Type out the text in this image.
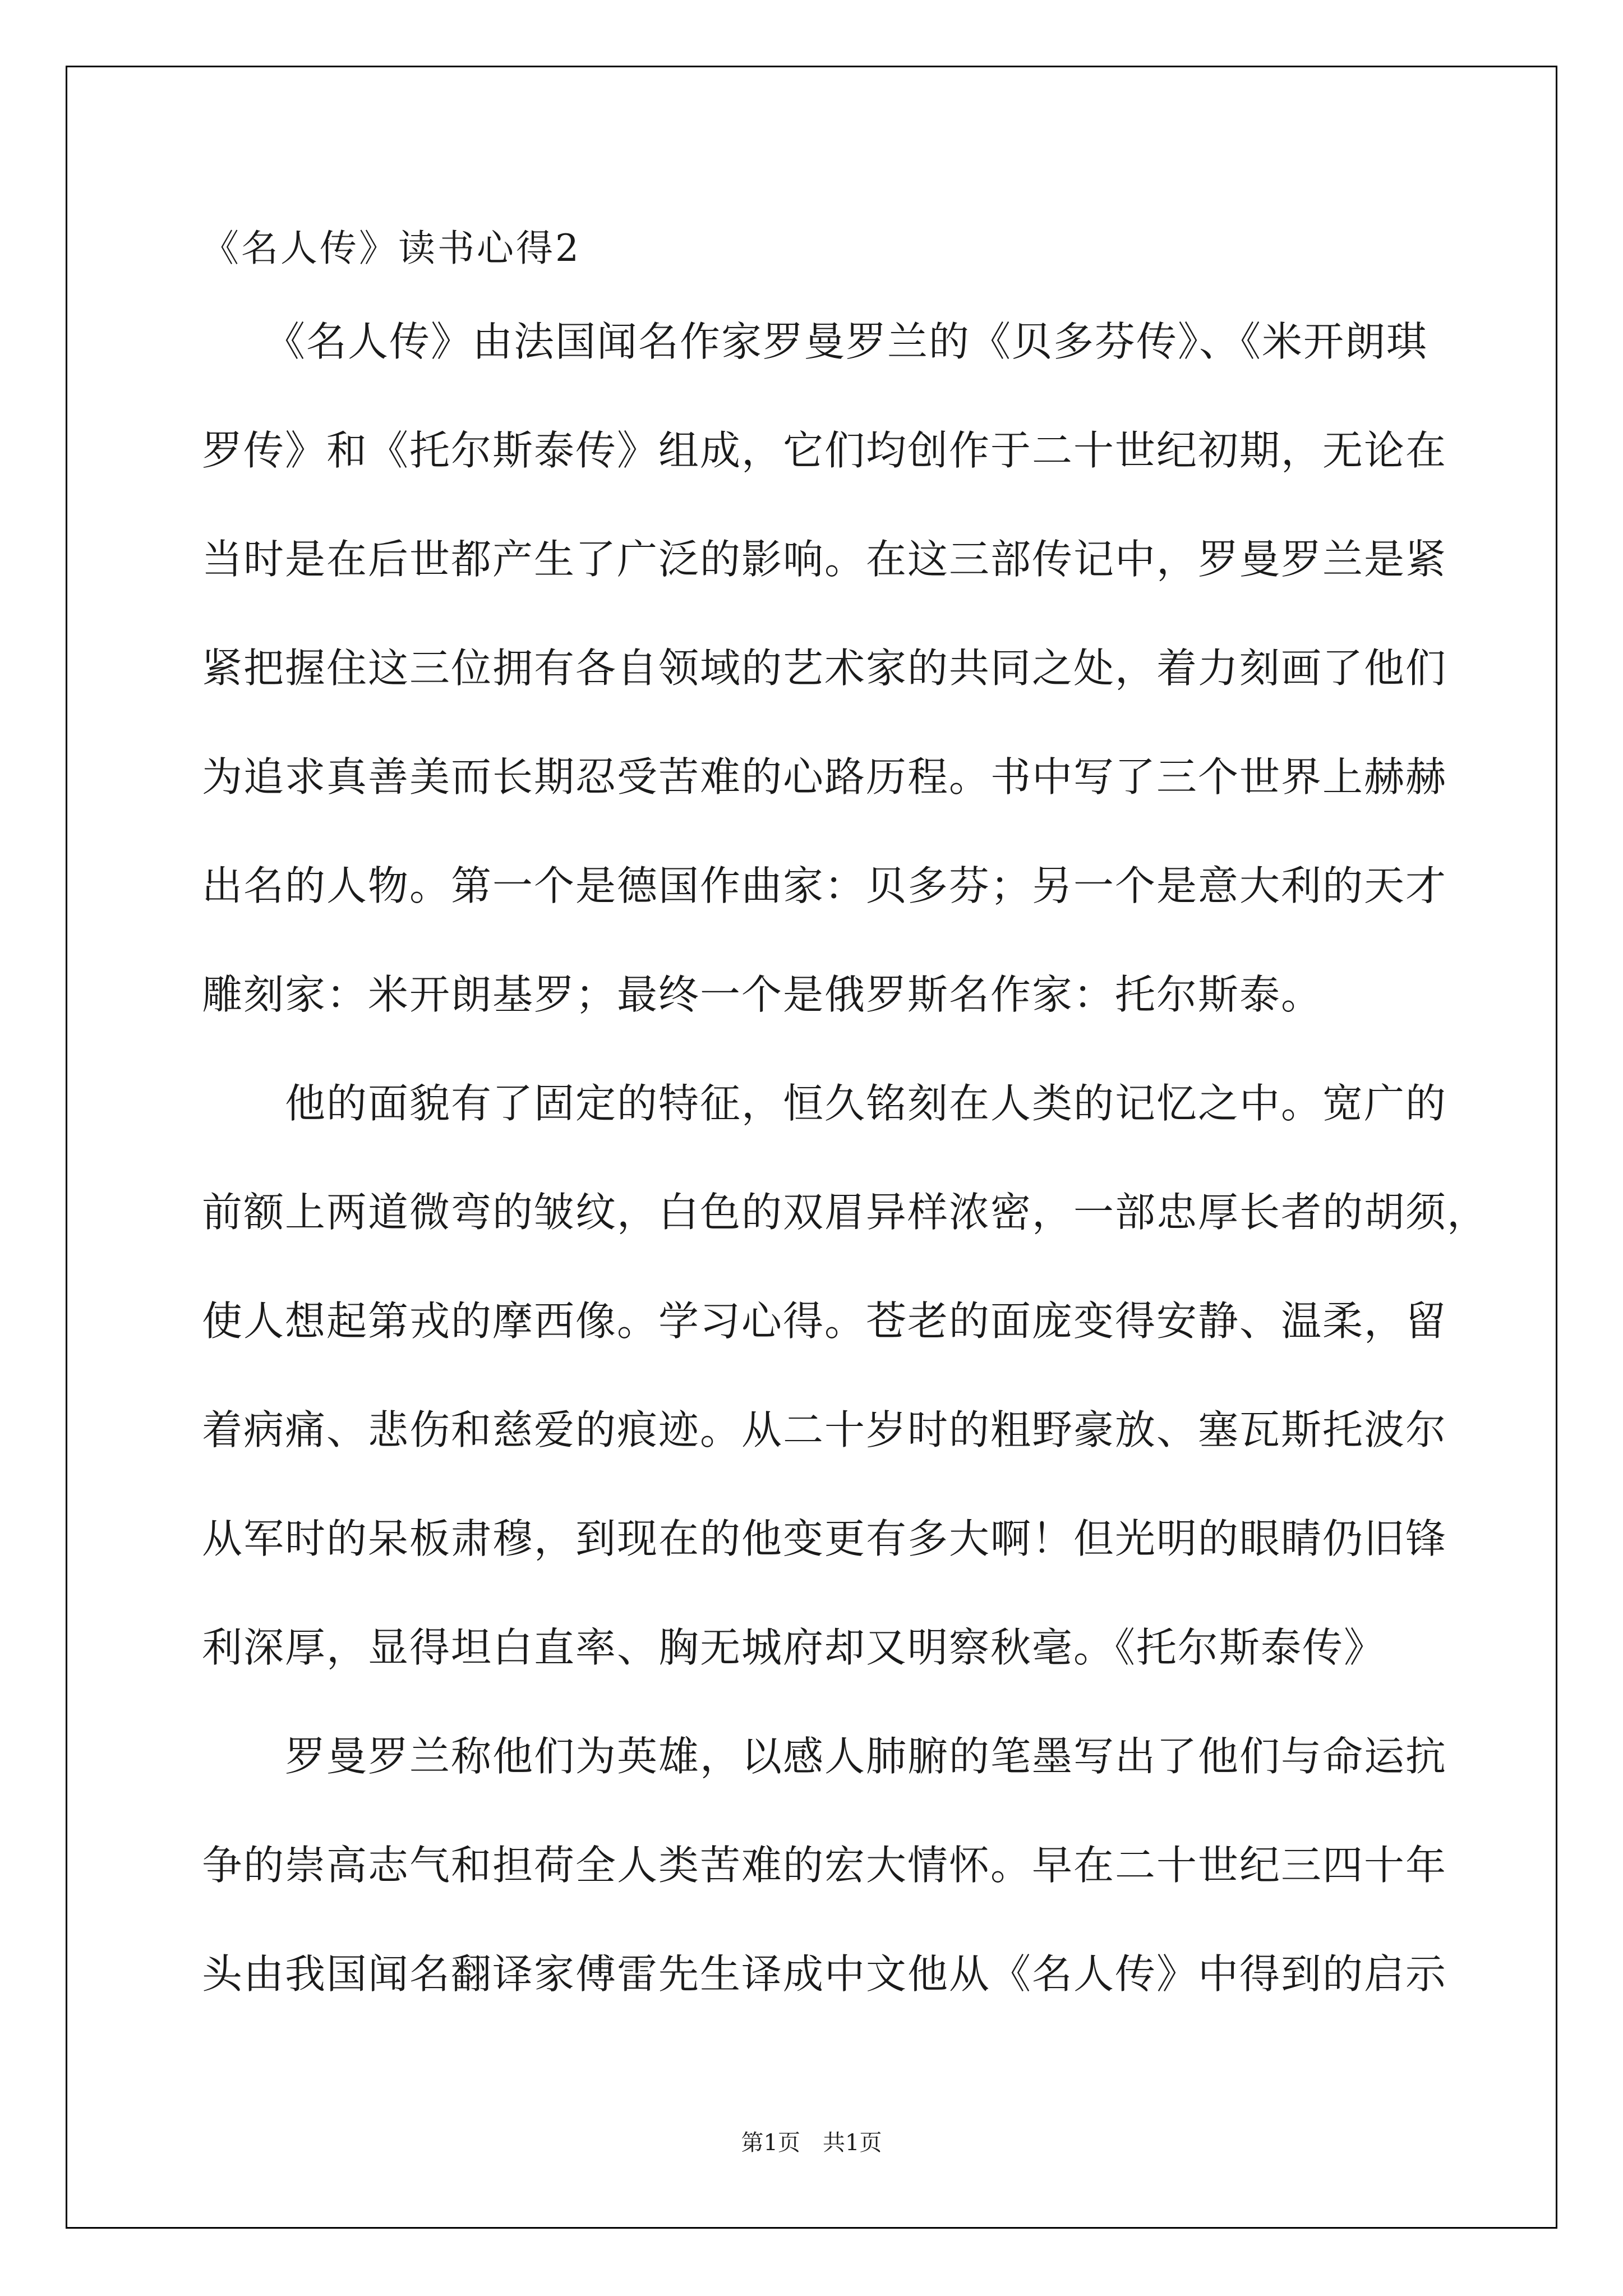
《名人传》读书心得2
　　《名人传》由法国闻名作家罗曼罗兰的《贝多芬传》、《米开朗琪
罗传》和《托尔斯泰传》组成，它们均创作于二十世纪初期，无论在
当时是在后世都产生了广泛的影响。在这三部传记中，罗曼罗兰是紧
紧把握住这三位拥有各自领域的艺术家的共同之处，着力刻画了他们
为追求真善美而长期忍受苦难的心路历程。书中写了三个世界上赫赫
出名的人物。第一个是德国作曲家：贝多芬；另一个是意大利的天才
雕刻家：米开朗基罗；最终一个是俄罗斯名作家：托尔斯泰。
　　他的面貌有了固定的特征，恒久铭刻在人类的记忆之中。宽广的
前额上两道微弯的皱纹，白色的双眉异样浓密，一部忠厚长者的胡须，
使人想起第戎的摩西像。学习心得。苍老的面庞变得安静、温柔，留
着病痛、悲伤和慈爱的痕迹。从二十岁时的粗野豪放、塞瓦斯托波尔
从军时的呆板肃穆，到现在的他变更有多大啊！但光明的眼睛仍旧锋
利深厚，显得坦白直率、胸无城府却又明察秋毫。《托尔斯泰传》
　　罗曼罗兰称他们为英雄，以感人肺腑的笔墨写出了他们与命运抗
争的崇高志气和担荷全人类苦难的宏大情怀。早在二十世纪三四十年
头由我国闻名翻译家傅雷先生译成中文他从《名人传》中得到的启示
第1页　共1页
